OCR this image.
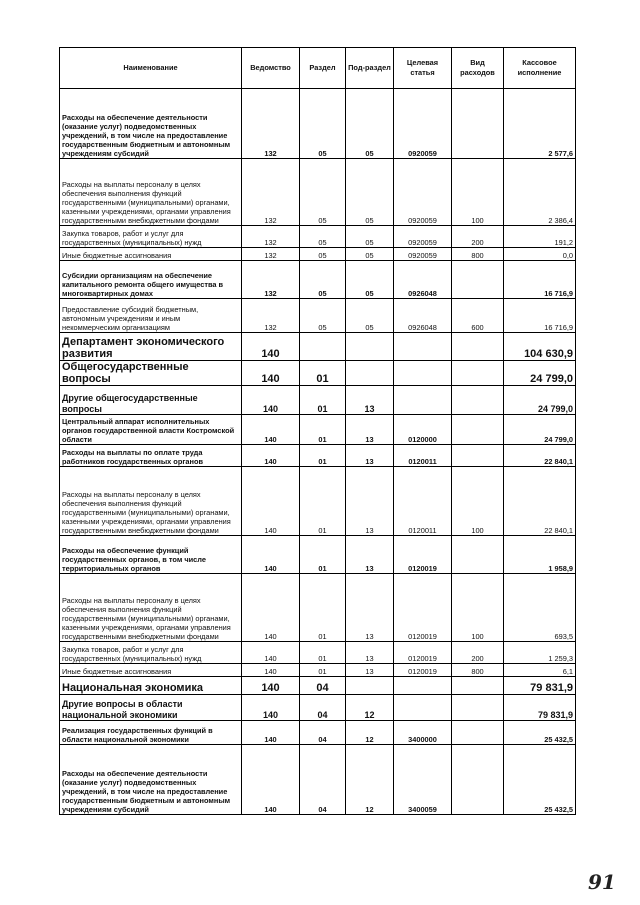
Наименование	Ведомство	Раздел	Под-раздел	Целевая статья	Вид расходов	Кассовое исполнение
Расходы на обеспечение деятельности (оказание услуг) подведомственных учреждений, в том числе на предоставление государственным бюджетным и автономным учреждениям субсидий	132	05	05	0920059		2 577,6
Расходы на выплаты персоналу в целях обеспечения выполнения функций государственными (муниципальными) органами, казенными учреждениями, органами управления государственными внебюджетными фондами	132	05	05	0920059	100	2 386,4
Закупка товаров, работ и услуг для государственных (муниципальных) нужд	132	05	05	0920059	200	191,2
Иные бюджетные ассигнования	132	05	05	0920059	800	0,0
Субсидии организациям на обеспечение капитального ремонта общего имущества в многоквартирных домах	132	05	05	0926048		16 716,9
Предоставление субсидий бюджетным, автономным учреждениям и иным некоммерческим организациям	132	05	05	0926048	600	16 716,9
Департамент экономического развития	140					104 630,9
Общегосударственные вопросы	140	01				24 799,0
Другие общегосударственные вопросы	140	01	13			24 799,0
Центральный аппарат исполнительных органов государственной власти Костромской области	140	01	13	0120000		24 799,0
Расходы на выплаты по оплате труда работников государственных органов	140	01	13	0120011		22 840,1
Расходы на выплаты персоналу в целях обеспечения выполнения функций государственными (муниципальными) органами, казенными учреждениями, органами управления государственными внебюджетными фондами	140	01	13	0120011	100	22 840,1
Расходы на обеспечение функций государственных органов, в том числе территориальных органов	140	01	13	0120019		1 958,9
Расходы на выплаты персоналу в целях обеспечения выполнения функций государственными (муниципальными) органами, казенными учреждениями, органами управления государственными внебюджетными фондами	140	01	13	0120019	100	693,5
Закупка товаров, работ и услуг для государственных (муниципальных) нужд	140	01	13	0120019	200	1 259,3
Иные бюджетные ассигнования	140	01	13	0120019	800	6,1
Национальная экономика	140	04				79 831,9
Другие вопросы в области национальной экономики	140	04	12			79 831,9
Реализация государственных функций в области национальной экономики	140	04	12	3400000		25 432,5
Расходы на обеспечение деятельности (оказание услуг) подведомственных учреждений, в том числе на предоставление государственным бюджетным и автономным учреждениям субсидий	140	04	12	3400059		25 432,5
91
